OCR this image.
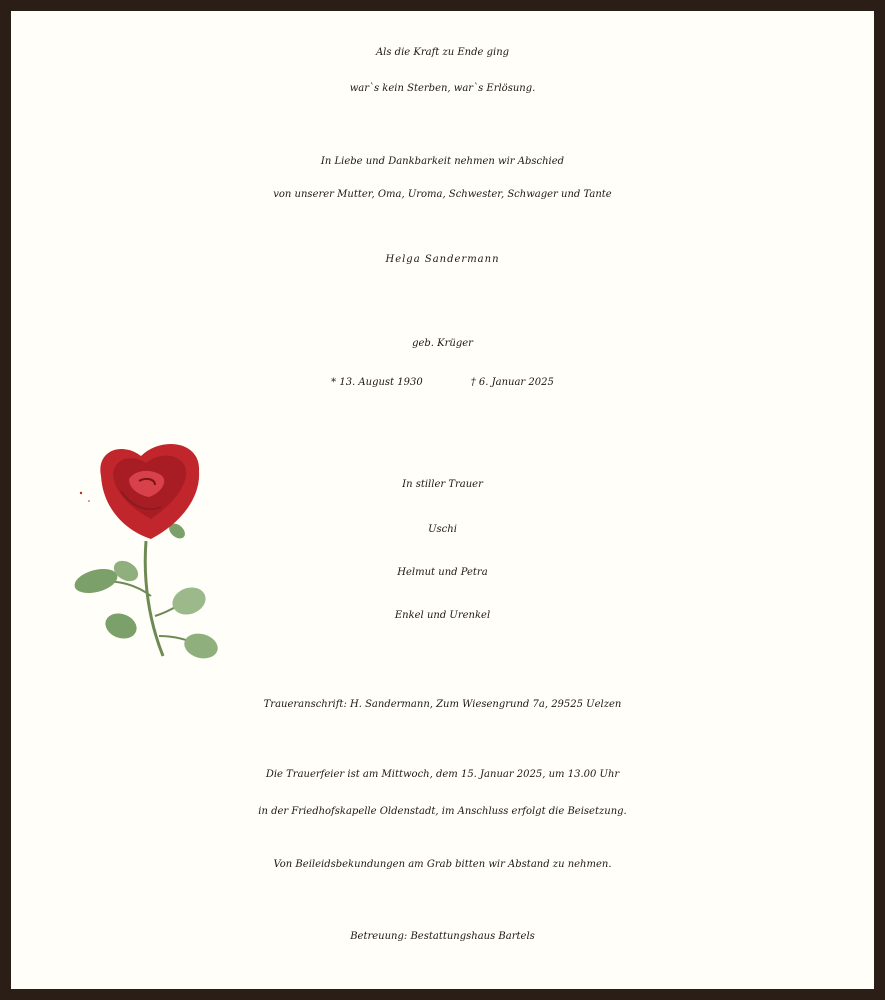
Als die Kraft zu Ende ging
war`s kein Sterben, war`s Erlösung.
In Liebe und Dankbarkeit nehmen wir Abschied
von unserer Mutter, Oma, Uroma, Schwester, Schwager und Tante
Helga Sandermann
geb. Krüger
* 13. August 1930	† 6. Januar 2025
In stiller Trauer
Uschi
Helmut und Petra
Enkel und Urenkel
Traueranschrift: H. Sandermann, Zum Wiesengrund 7a, 29525 Uelzen
Die Trauerfeier ist am Mittwoch, dem 15. Januar 2025, um 13.00 Uhr
in der Friedhofskapelle Oldenstadt, im Anschluss erfolgt die Beisetzung.
Von Beileidsbekundungen am Grab bitten wir Abstand zu nehmen.
Betreuung: Bestattungshaus Bartels
